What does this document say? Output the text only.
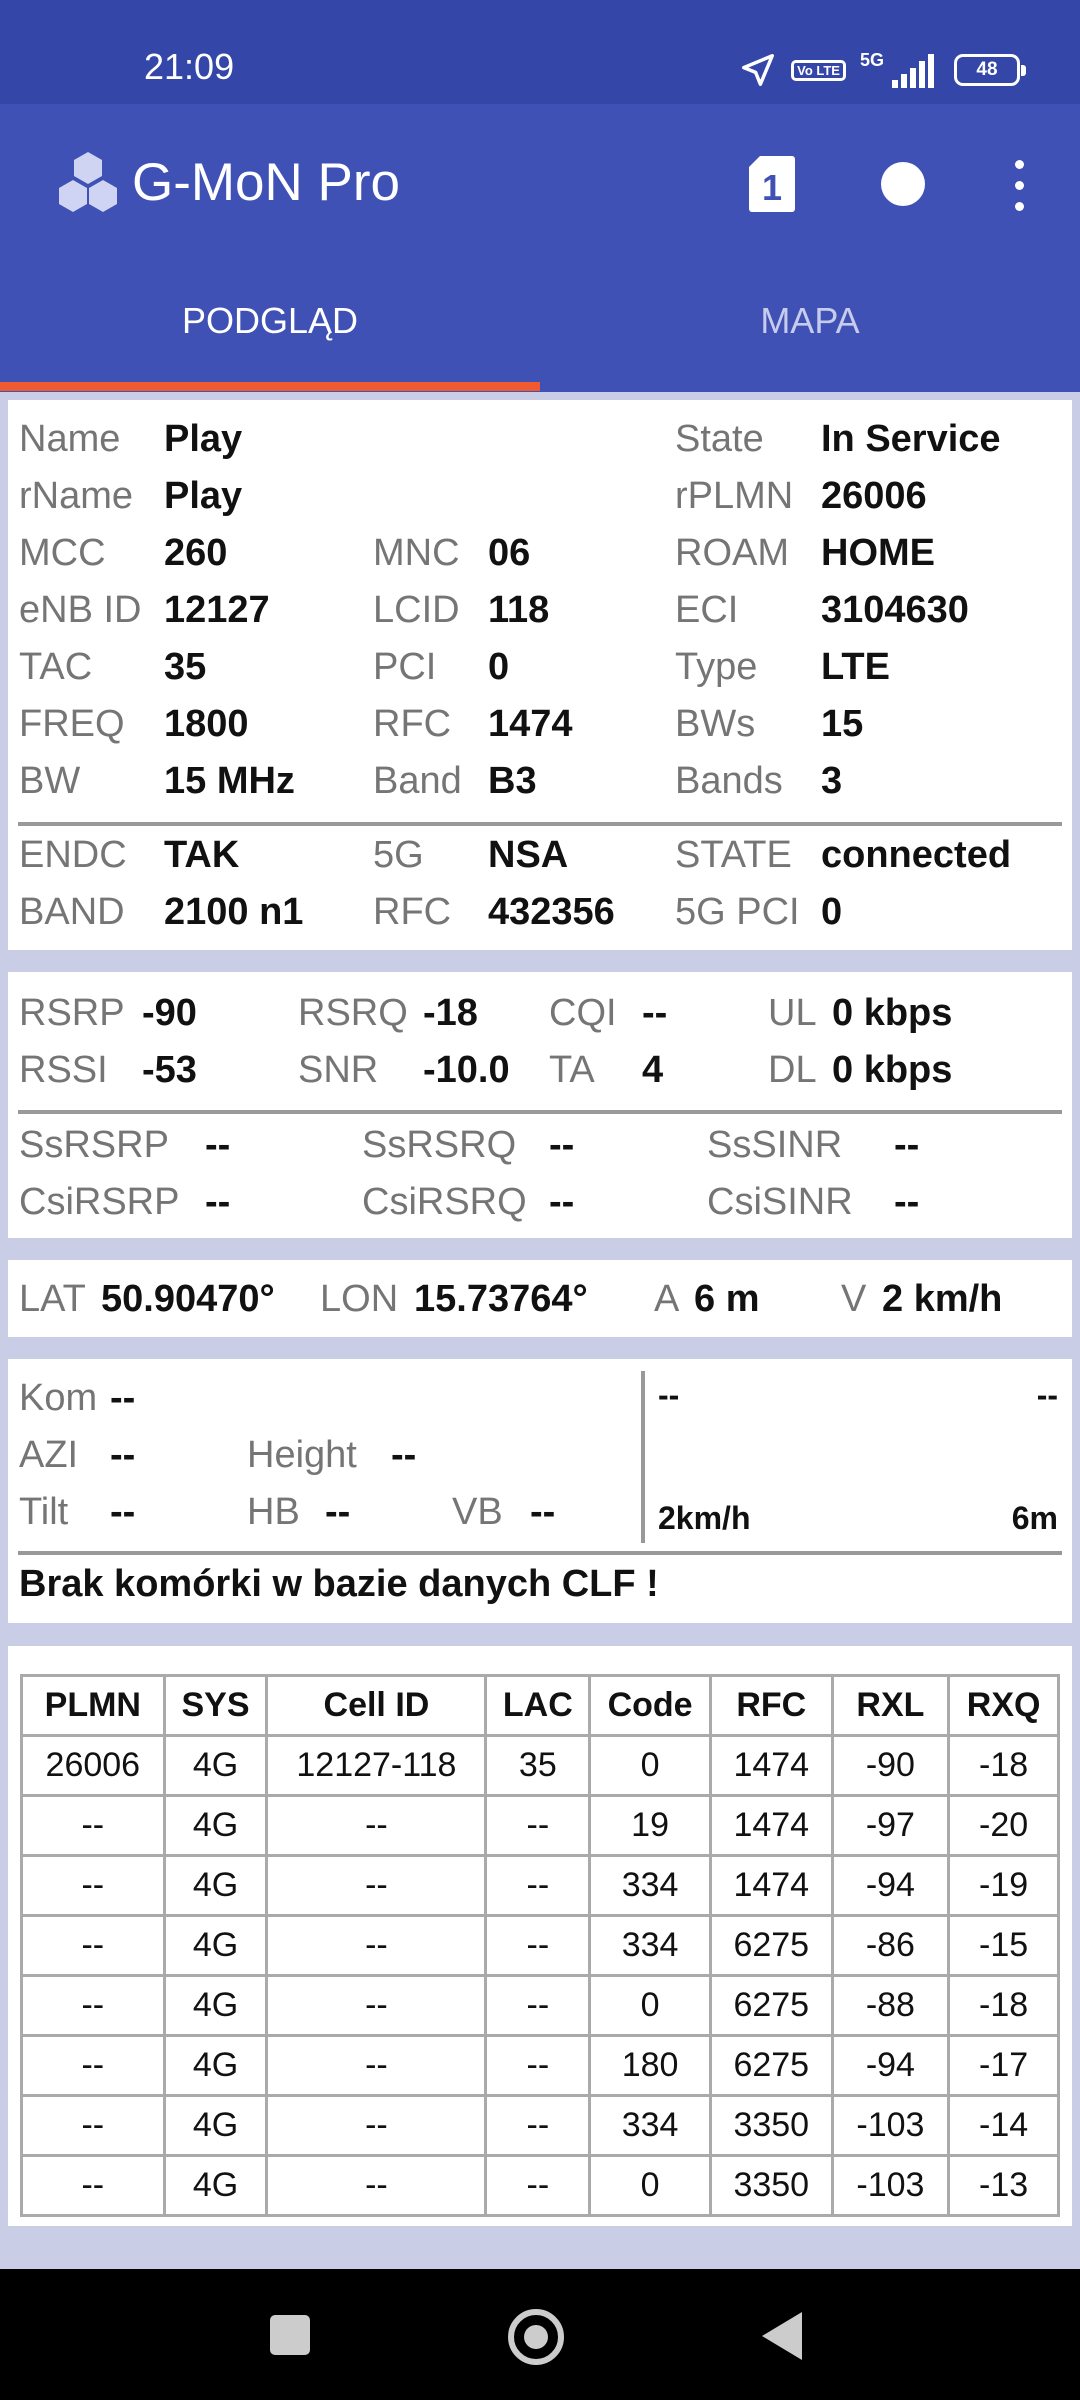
21:09	Vo LTE
5G	48
G-MoN Pro	1
PODGLĄD	MAPA
Name Play	State In Service
rName Play	rPLMN 26006
MCC 260	MNC 06	ROAM HOME
eNB ID 12127	LCID 118	ECI 3104630
TAC 35	PCI 0	Type LTE
FREQ 1800	RFC 1474	BWs 15
BW 15 MHz Band B3	Bands 3
ENDC TAK	5G NSA	STATE connected
BAND 2100 n1 RFC 432356 5G PCI 0
RSRP -90	RSRQ -18 CQI --	UL 0 kbps
RSSI -53	SNR -10.0 TA 4	DL 0 kbps
SsRSRP --	SsRSRQ --	SsSINR --
CsiRSRP --	CsiRSRQ --	CsiSINR --
LAT 50.90470° LON 15.73764° A 6 m V 2 km/h
Kom --
AZI --	Height --
Tilt --	HB --	VB --
--	--
2km/h	6m
Brak komórki w bazie danych CLF !
PLMN	SYS	Cell ID	LAC	Code	RFC	RXL	RXQ
26006	4G	12127-118	35	0	1474	-90	-18
--	4G	--	--	19	1474	-97	-20
--	4G	--	--	334	1474	-94	-19
--	4G	--	--	334	6275	-86	-15
--	4G	--	--	0	6275	-88	-18
--	4G	--	--	180	6275	-94	-17
--	4G	--	--	334	3350	-103	-14
--	4G	--	--	0	3350	-103	-13
